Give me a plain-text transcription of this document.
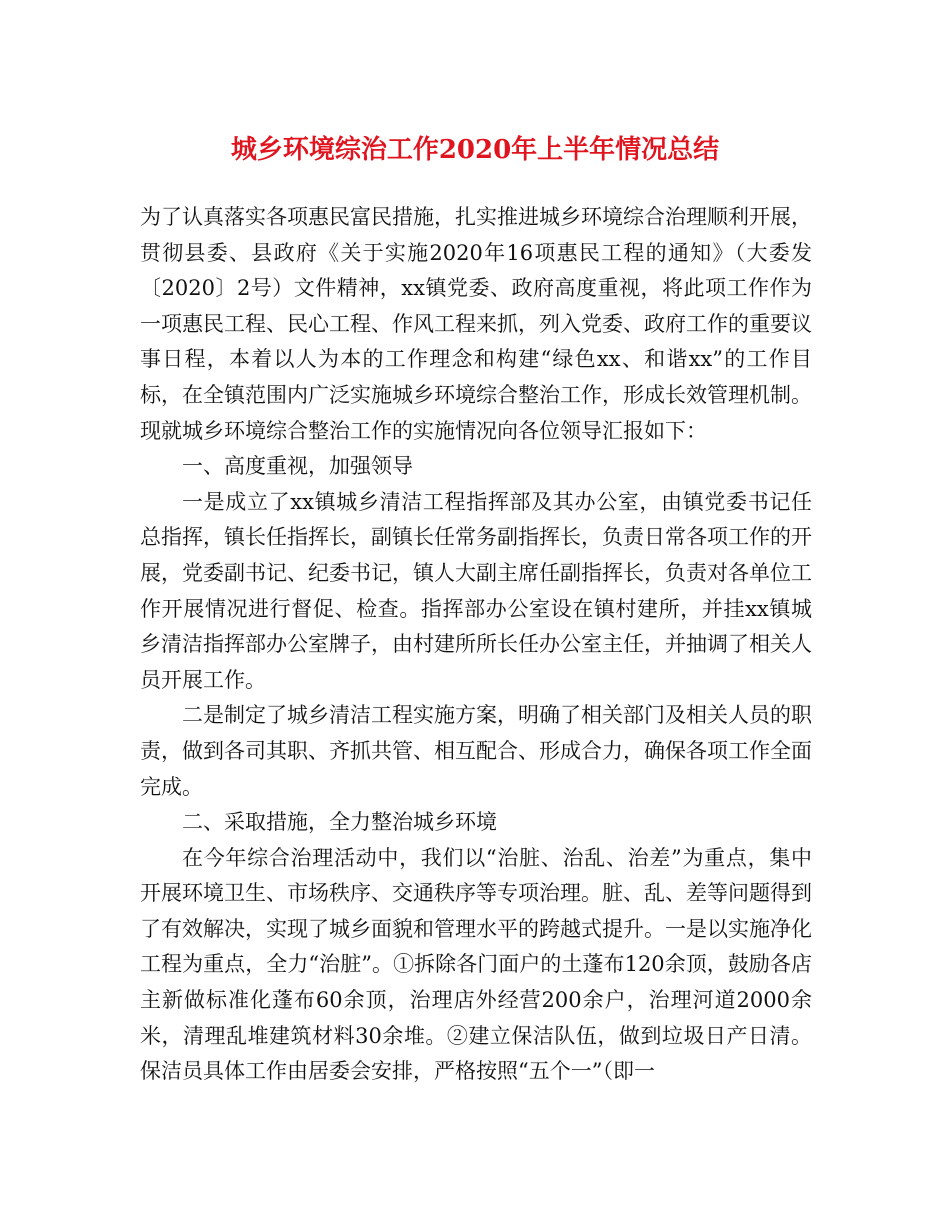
城乡环境综治工作2020年上半年情况总结

为了认真落实各项惠民富民措施，扎实推进城乡环境综合治理顺利开展，贯彻县委、县政府《关于实施2020年16项惠民工程的通知》（大委发〔2020〕2号）文件精神，xx镇党委、政府高度重视，将此项工作作为一项惠民工程、民心工程、作风工程来抓，列入党委、政府工作的重要议事日程，本着以人为本的工作理念和构建“绿色xx、和谐xx”的工作目标，在全镇范围内广泛实施城乡环境综合整治工作，形成长效管理机制。现就城乡环境综合整治工作的实施情况向各位领导汇报如下：

一、高度重视，加强领导

一是成立了xx镇城乡清洁工程指挥部及其办公室，由镇党委书记任总指挥，镇长任指挥长，副镇长任常务副指挥长，负责日常各项工作的开展，党委副书记、纪委书记，镇人大副主席任副指挥长，负责对各单位工作开展情况进行督促、检查。指挥部办公室设在镇村建所，并挂xx镇城乡清洁指挥部办公室牌子，由村建所所长任办公室主任，并抽调了相关人员开展工作。

二是制定了城乡清洁工程实施方案，明确了相关部门及相关人员的职责，做到各司其职、齐抓共管、相互配合、形成合力，确保各项工作全面完成。

二、采取措施，全力整治城乡环境

在今年综合治理活动中，我们以“治脏、治乱、治差”为重点，集中开展环境卫生、市场秩序、交通秩序等专项治理。脏、乱、差等问题得到了有效解决，实现了城乡面貌和管理水平的跨越式提升。一是以实施净化工程为重点，全力“治脏”。①拆除各门面户的土蓬布120余顶，鼓励各店主新做标准化蓬布60余顶，治理店外经营200余户，治理河道2000余米，清理乱堆建筑材料30余堆。②建立保洁队伍，做到垃圾日产日清。保洁员具体工作由居委会安排，严格按照“五个一”（即一
